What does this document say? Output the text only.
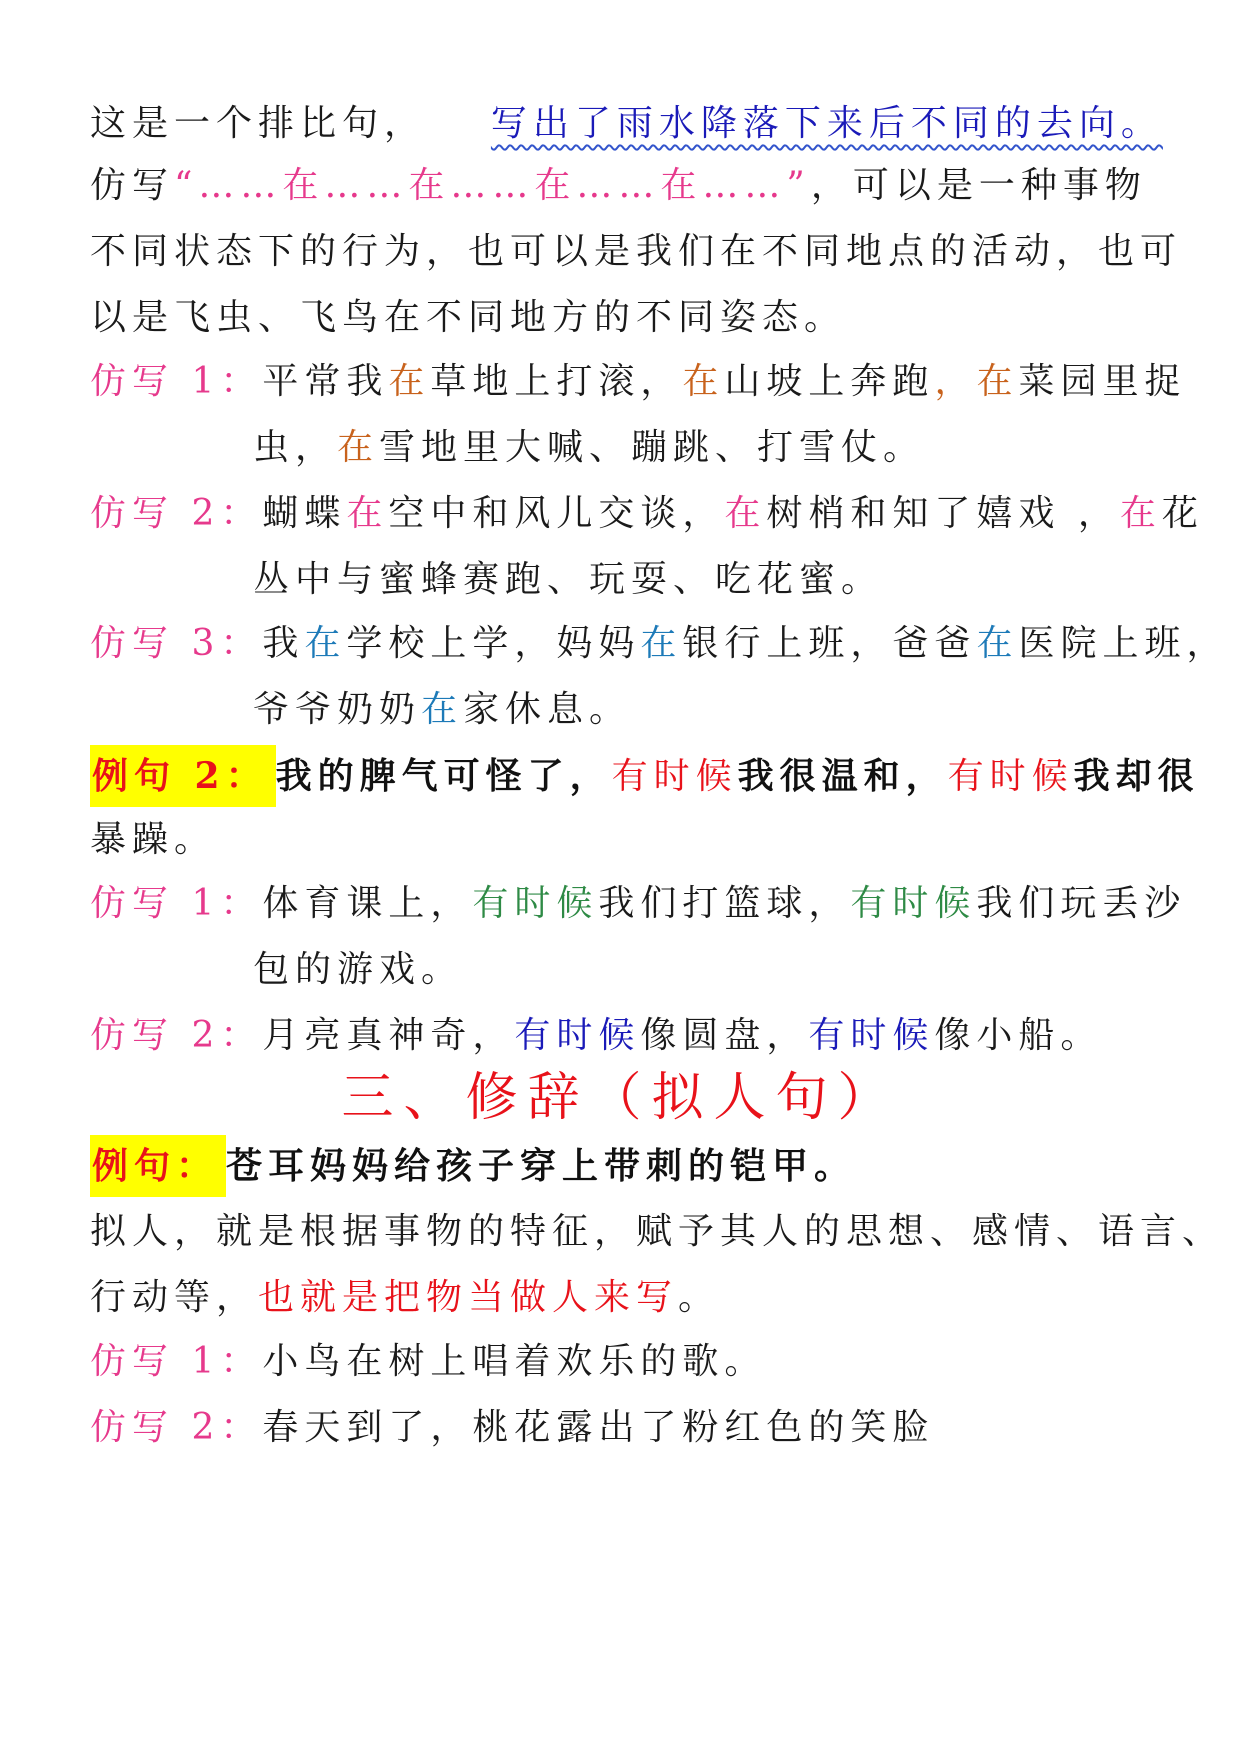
这是一个排比句， 写出了雨水降落下来后不同的去向。
仿写“……在……在……在……在……”，可以是一种事物
不同状态下的行为，也可以是我们在不同地点的活动，也可
以是飞虫、飞鸟在不同地方的不同姿态。
仿写 1：平常我在草地上打滚，在山坡上奔跑，在菜园里捉
虫，在雪地里大喊、蹦跳、打雪仗。
仿写 2：蝴蝶在空中和风儿交谈，在树梢和知了嬉戏 ，在花
丛中与蜜蜂赛跑、玩耍、吃花蜜。
仿写 3：我在学校上学，妈妈在银行上班，爸爸在医院上班，
爷爷奶奶在家休息。
例句 2： 我的脾气可怪了，有时候我很温和，有时候我却很
暴躁。
仿写 1：体育课上，有时候我们打篮球，有时候我们玩丢沙
包的游戏。
仿写 2：月亮真神奇，有时候像圆盘，有时候像小船。
三、修辞（拟人句）
例句： 苍耳妈妈给孩子穿上带刺的铠甲。
拟人，就是根据事物的特征，赋予其人的思想、感情、语言、
行动等，也就是把物当做人来写。
仿写 1：小鸟在树上唱着欢乐的歌。
仿写 2：春天到了，桃花露出了粉红色的笑脸
